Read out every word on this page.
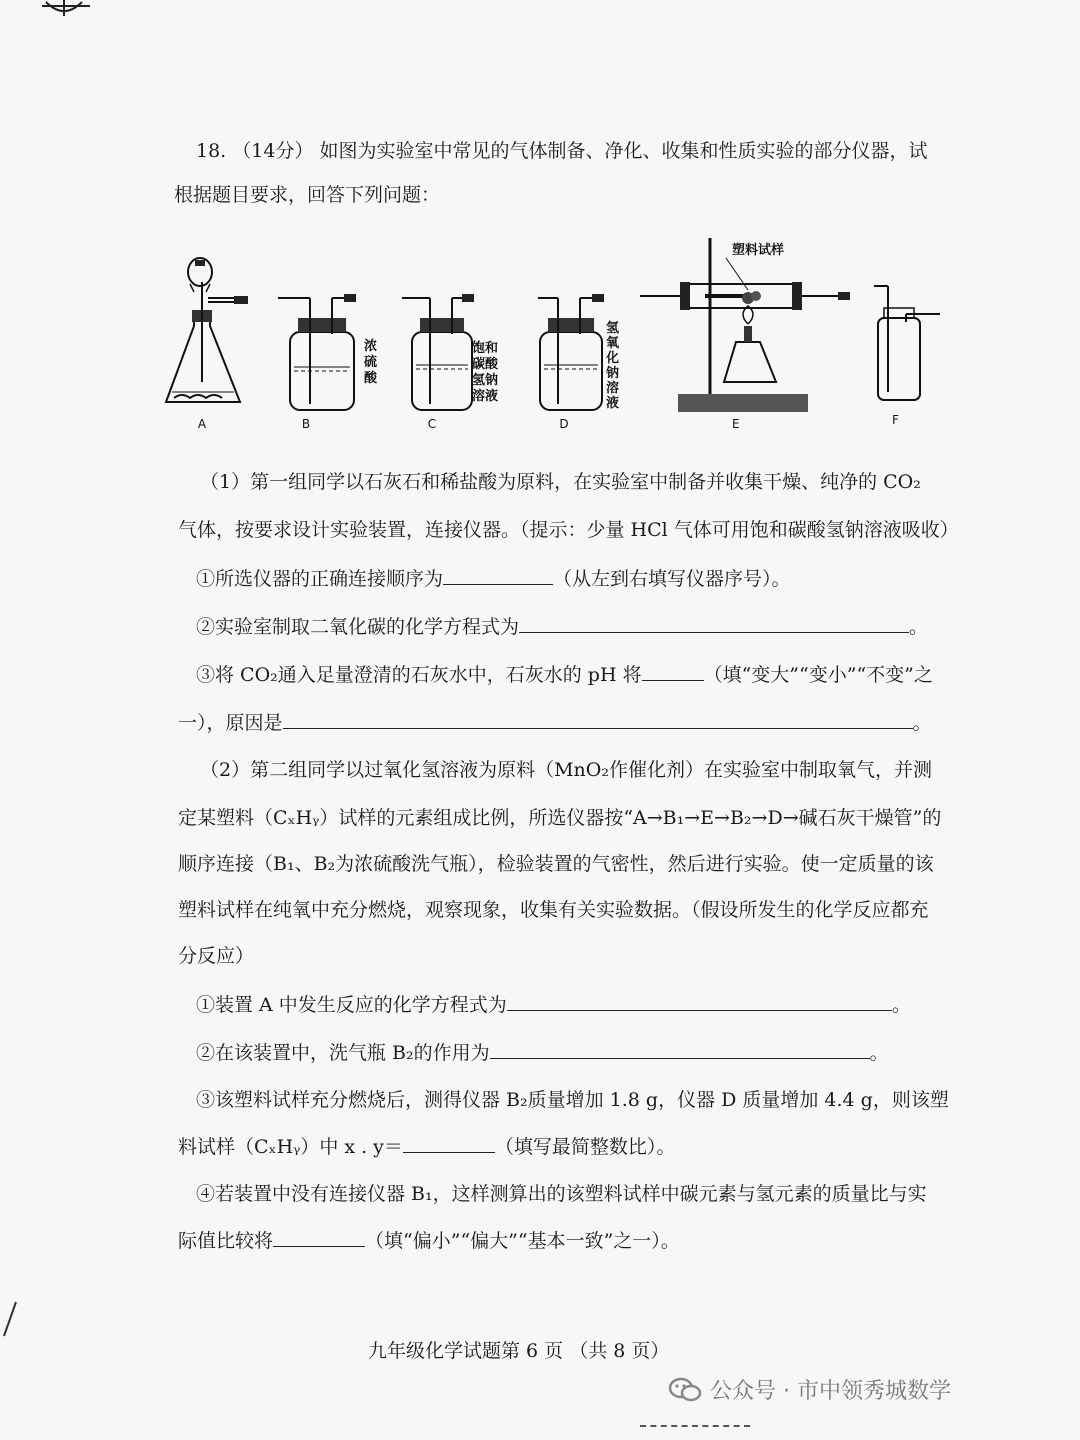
18. （14分） 如图为实验室中常见的气体制备、净化、收集和性质实验的部分仪器，试
根据题目要求，回答下列问题：
A
浓
硫
酸
B
饱和
碳酸
氢钠
溶液
C
氢
氧
化
钠
溶
液
D
塑料试样
E	F
（1）第一组同学以石灰石和稀盐酸为原料，在实验室中制备并收集干燥、纯净的 CO₂
气体，按要求设计实验装置，连接仪器。（提示：少量 HCl 气体可用饱和碳酸氢钠溶液吸收）
①所选仪器的正确连接顺序为	（从左到右填写仪器序号）。
②实验室制取二氧化碳的化学方程式为	。
③将 CO₂通入足量澄清的石灰水中，石灰水的 pH 将	（填“变大”“变小”“不变”之
一），原因是	。
（2）第二组同学以过氧化氢溶液为原料（MnO₂作催化剂）在实验室中制取氧气，并测
定某塑料（CₓHᵧ）试样的元素组成比例，所选仪器按“A→B₁→E→B₂→D→碱石灰干燥管”的
顺序连接（B₁、B₂为浓硫酸洗气瓶），检验装置的气密性，然后进行实验。使一定质量的该
塑料试样在纯氧中充分燃烧，观察现象，收集有关实验数据。（假设所发生的化学反应都充
分反应）
①装置 A 中发生反应的化学方程式为	。
②在该装置中，洗气瓶 B₂的作用为	。
③该塑料试样充分燃烧后，测得仪器 B₂质量增加 1.8 g，仪器 D 质量增加 4.4 g，则该塑
料试样（CₓHᵧ）中 x . y＝	（填写最简整数比）。
④若装置中没有连接仪器 B₁，这样测算出的该塑料试样中碳元素与氢元素的质量比与实
际值比较将	（填“偏小”“偏大”“基本一致”之一）。
九年级化学试题第 6 页 （共 8 页）
公众号 · 市中领秀城数学
